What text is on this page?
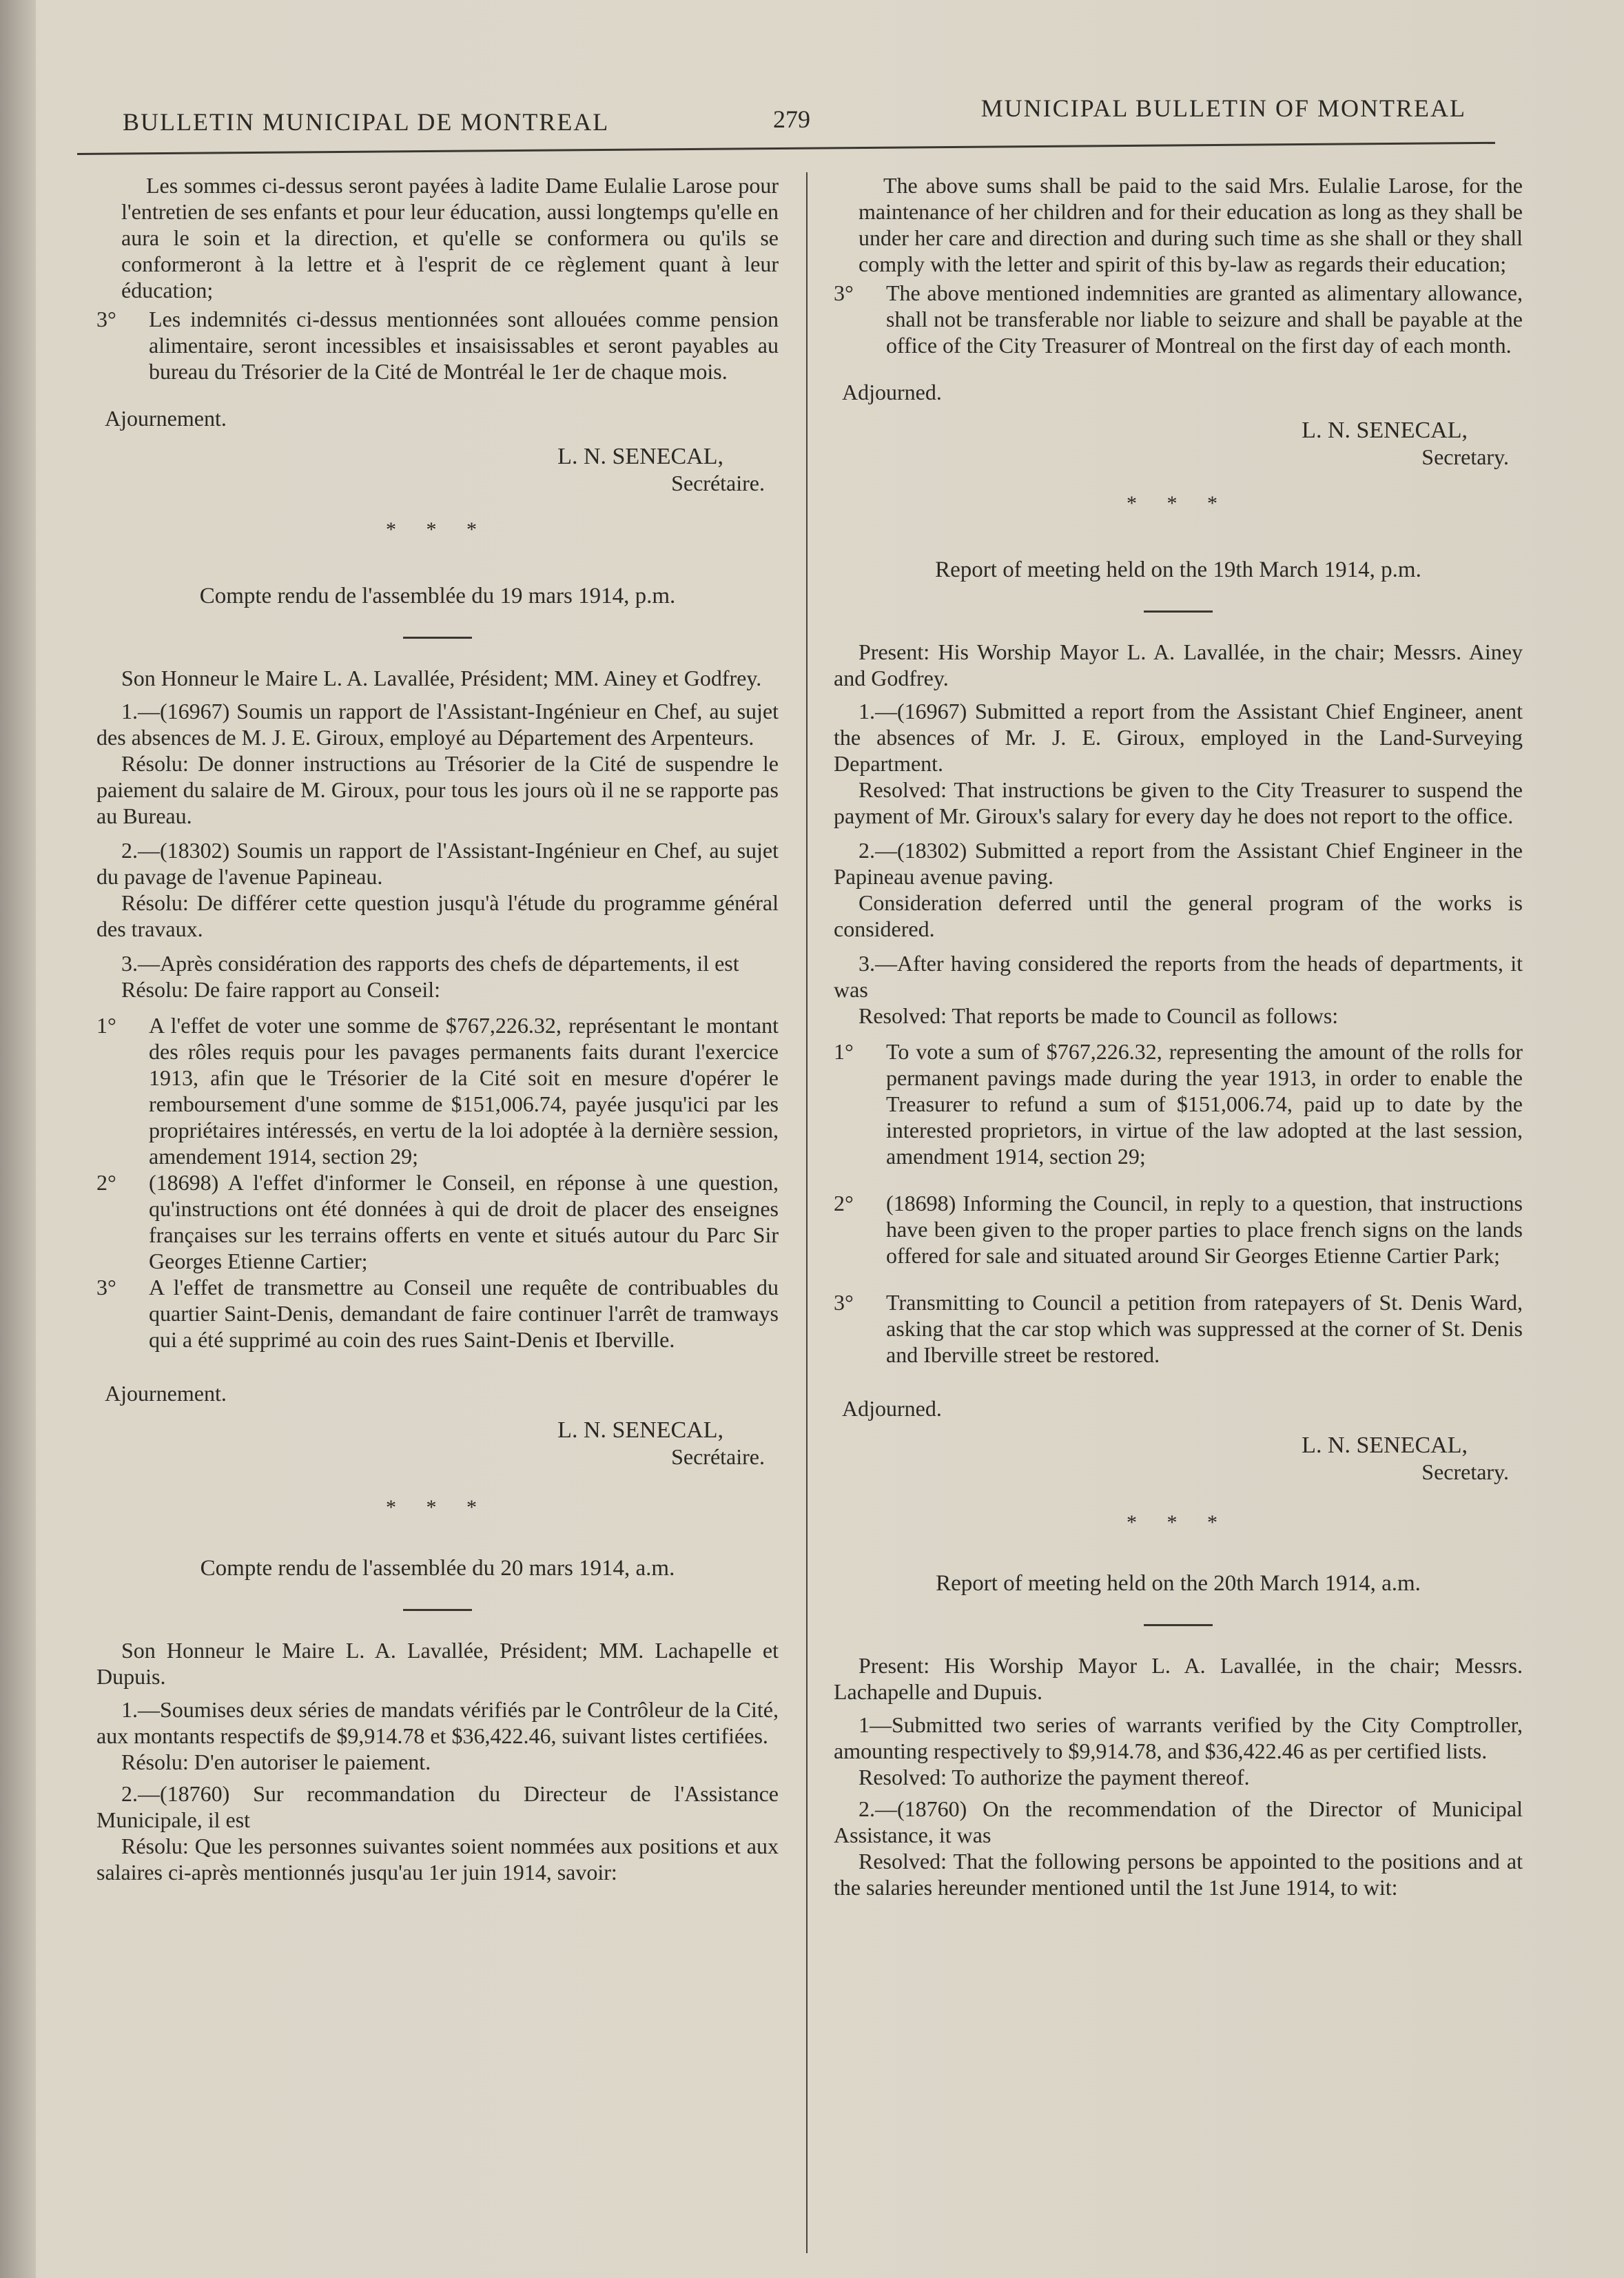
BULLETIN MUNICIPAL DE MONTREAL	279	MUNICIPAL BULLETIN OF MONTREAL

Les sommes ci-dessus seront payées à ladite Dame Eulalie Larose pour l'entretien de ses enfants et pour leur éducation, aussi longtemps qu'elle en aura le soin et la direction, et qu'elle se conformera ou qu'ils se conformeront à la lettre et à l'esprit de ce règlement quant à leur éducation;

3° Les indemnités ci-dessus mentionnées sont allouées comme pension alimentaire, seront incessibles et insaisissables et seront payables au bureau du Trésorier de la Cité de Montréal le 1er de chaque mois.

Ajournement.

L. N. SENECAL,

Secrétaire.

* * *

Compte rendu de l'assemblée du 19 mars 1914, p.m.

Son Honneur le Maire L. A. Lavallée, Président; MM. Ainey et Godfrey.

1.—(16967) Soumis un rapport de l'Assistant-Ingénieur en Chef, au sujet des absences de M. J. E. Giroux, employé au Département des Arpenteurs.

Résolu: De donner instructions au Trésorier de la Cité de suspendre le paiement du salaire de M. Giroux, pour tous les jours où il ne se rapporte pas au Bureau.

2.—(18302) Soumis un rapport de l'Assistant-Ingénieur en Chef, au sujet du pavage de l'avenue Papineau.

Résolu: De différer cette question jusqu'à l'étude du programme général des travaux.

3.—Après considération des rapports des chefs de départements, il est

Résolu: De faire rapport au Conseil:

1° A l'effet de voter une somme de $767,226.32, représentant le montant des rôles requis pour les pavages permanents faits durant l'exercice 1913, afin que le Trésorier de la Cité soit en mesure d'opérer le remboursement d'une somme de $151,006.74, payée jusqu'ici par les propriétaires intéressés, en vertu de la loi adoptée à la dernière session, amendement 1914, section 29;

2° (18698) A l'effet d'informer le Conseil, en réponse à une question, qu'instructions ont été données à qui de droit de placer des enseignes françaises sur les terrains offerts en vente et situés autour du Parc Sir Georges Etienne Cartier;

3° A l'effet de transmettre au Conseil une requête de contribuables du quartier Saint-Denis, demandant de faire continuer l'arrêt de tramways qui a été supprimé au coin des rues Saint-Denis et Iberville.

Ajournement.

L. N. SENECAL,

Secrétaire.

* * *

Compte rendu de l'assemblée du 20 mars 1914, a.m.

Son Honneur le Maire L. A. Lavallée, Président; MM. Lachapelle et Dupuis.

1.—Soumises deux séries de mandats vérifiés par le Contrôleur de la Cité, aux montants respectifs de $9,914.78 et $36,422.46, suivant listes certifiées.

Résolu: D'en autoriser le paiement.

2.—(18760) Sur recommandation du Directeur de l'Assistance Municipale, il est

Résolu: Que les personnes suivantes soient nommées aux positions et aux salaires ci-après mentionnés jusqu'au 1er juin 1914, savoir:

The above sums shall be paid to the said Mrs. Eulalie Larose, for the maintenance of her children and for their education as long as they shall be under her care and direction and during such time as she shall or they shall comply with the letter and spirit of this by-law as regards their education;

3° The above mentioned indemnities are granted as alimentary allowance, shall not be transferable nor liable to seizure and shall be payable at the office of the City Treasurer of Montreal on the first day of each month.

Adjourned.

L. N. SENECAL,

Secretary.

* * *

Report of meeting held on the 19th March 1914, p.m.

Present: His Worship Mayor L. A. Lavallée, in the chair; Messrs. Ainey and Godfrey.

1.—(16967) Submitted a report from the Assistant Chief Engineer, anent the absences of Mr. J. E. Giroux, employed in the Land-Surveying Department.

Resolved: That instructions be given to the City Treasurer to suspend the payment of Mr. Giroux's salary for every day he does not report to the office.

2.—(18302) Submitted a report from the Assistant Chief Engineer in the Papineau avenue paving.

Consideration deferred until the general program of the works is considered.

3.—After having considered the reports from the heads of departments, it was

Resolved: That reports be made to Council as follows:

1° To vote a sum of $767,226.32, representing the amount of the rolls for permanent pavings made during the year 1913, in order to enable the Treasurer to refund a sum of $151,006.74, paid up to date by the interested proprietors, in virtue of the law adopted at the last session, amendment 1914, section 29;

2° (18698) Informing the Council, in reply to a question, that instructions have been given to the proper parties to place french signs on the lands offered for sale and situated around Sir Georges Etienne Cartier Park;

3° Transmitting to Council a petition from ratepayers of St. Denis Ward, asking that the car stop which was suppressed at the corner of St. Denis and Iberville street be restored.

Adjourned.

L. N. SENECAL,

Secretary.

* * *

Report of meeting held on the 20th March 1914, a.m.

Present: His Worship Mayor L. A. Lavallée, in the chair; Messrs. Lachapelle and Dupuis.

1—Submitted two series of warrants verified by the City Comptroller, amounting respectively to $9,914.78, and $36,422.46 as per certified lists.

Resolved: To authorize the payment thereof.

2.—(18760) On the recommendation of the Director of Municipal Assistance, it was

Resolved: That the following persons be appointed to the positions and at the salaries hereunder mentioned until the 1st June 1914, to wit:
